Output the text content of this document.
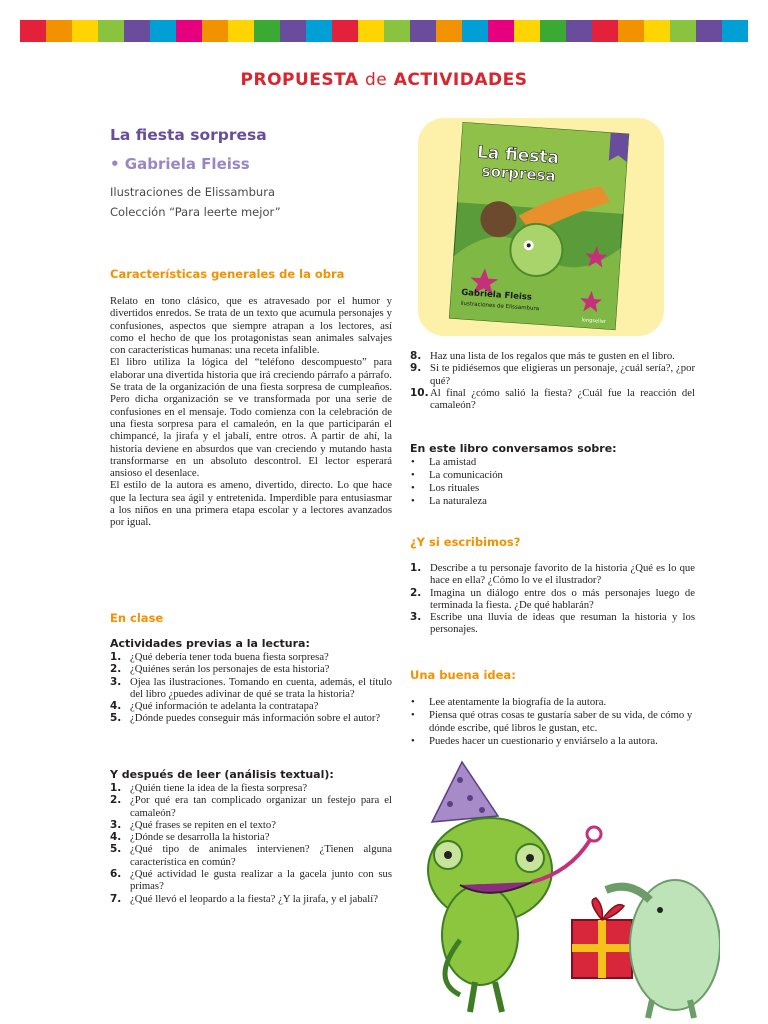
PROPUESTA de ACTIVIDADES
La fiesta sorpresa
• Gabriela Fleiss
Ilustraciones de Elissambura
Colección “Para leerte mejor”
La fiesta
sorpresa
Gabriela Fleiss
ilustraciones de Elissambura
longseller
Características generales de la obra
Relato en tono clásico, que es atravesado por el humor y divertidos enredos. Se trata de un texto que acumula personajes y confusiones, aspectos que siempre atrapan a los lectores, así como el hecho de que los protagonistas sean animales salvajes con características humanas: una receta infalible.
El libro utiliza la lógica del “teléfono descompuesto” para elaborar una divertida historia que irá creciendo párrafo a párrafo.
Se trata de la organización de una fiesta sorpresa de cumpleaños. Pero dicha organización se ve transformada por una serie de confusiones en el mensaje. Todo comienza con la celebración de una fiesta sorpresa para el camaleón, en la que participarán el chimpancé, la jirafa y el jabalí, entre otros. A partir de ahí, la historia deviene en absurdos que van creciendo y mutando hasta transformarse en un absoluto descontrol. El lector esperará ansioso el desenlace.
El estilo de la autora es ameno, divertido, directo. Lo que hace que la lectura sea ágil y entretenida. Imperdible para entusiasmar a los niños en una primera etapa escolar y a lectores avanzados por igual.
En clase
Actividades previas a la lectura:
1. ¿Qué debería tener toda buena fiesta sorpresa?
2. ¿Quiénes serán los personajes de esta historia?
3. Ojea las ilustraciones. Tomando en cuenta, además, el título del libro ¿puedes adivinar de qué se trata la historia?
4. ¿Qué información te adelanta la contratapa?
5. ¿Dónde puedes conseguir más información sobre el autor?
Y después de leer (análisis textual):
1. ¿Quién tiene la idea de la fiesta sorpresa?
2. ¿Por qué era tan complicado organizar un festejo para el camaleón?
3. ¿Qué frases se repiten en el texto?
4. ¿Dónde se desarrolla la historia?
5. ¿Qué tipo de animales intervienen? ¿Tienen alguna característica en común?
6. ¿Qué actividad le gusta realizar a la gacela junto con sus primas?
7. ¿Qué llevó el leopardo a la fiesta? ¿Y la jirafa, y el jabalí?
8. Haz una lista de los regalos que más te gusten en el libro.
9. Si te pidiésemos que eligieras un personaje, ¿cuál sería?, ¿por qué?
10. Al final ¿cómo salió la fiesta? ¿Cuál fue la reacción del camaleón?
En este libro conversamos sobre:
• La amistad
• La comunicación
• Los rituales
• La naturaleza
¿Y si escribimos?
1. Describe a tu personaje favorito de la historia ¿Qué es lo que hace en ella? ¿Cómo lo ve el ilustrador?
2. Imagina un diálogo entre dos o más personajes luego de terminada la fiesta. ¿De qué hablarán?
3. Escribe una lluvia de ideas que resuman la historia y los personajes.
Una buena idea:
• Lee atentamente la biografía de la autora.
• Piensa qué otras cosas te gustaría saber de su vida, de cómo y dónde escribe, qué libros le gustan, etc.
• Puedes hacer un cuestionario y enviárselo a la autora.
